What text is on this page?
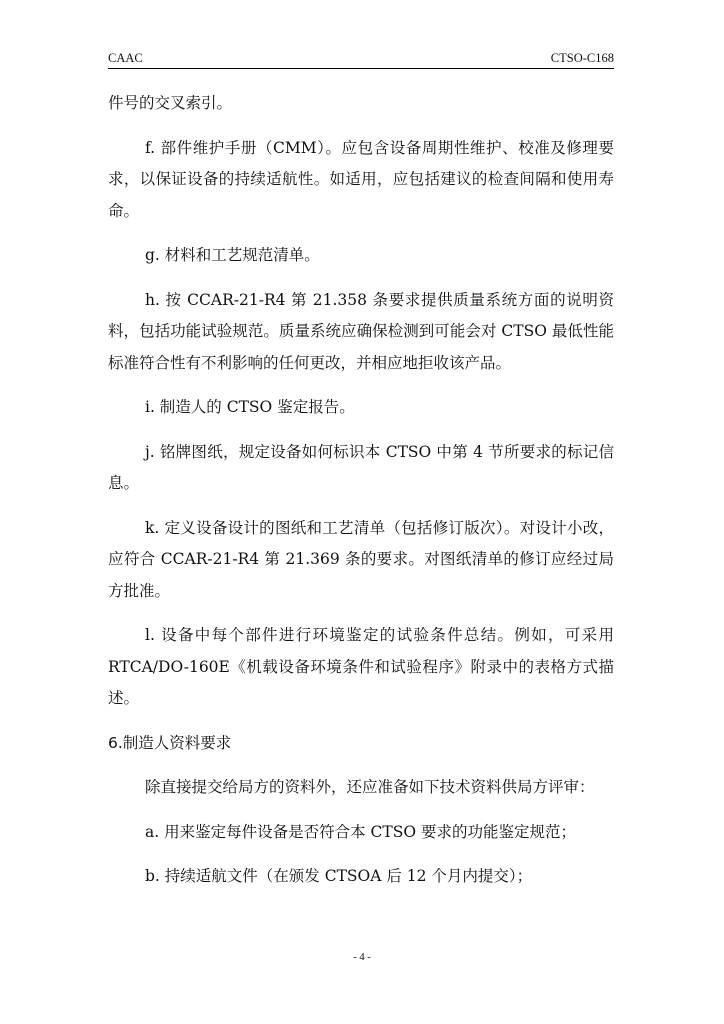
CAAC	CTSO-C168

件号的交叉索引。

f. 部件维护手册（CMM）。应包含设备周期性维护、校准及修理要求，以保证设备的持续适航性。如适用，应包括建议的检查间隔和使用寿命。

g. 材料和工艺规范清单。

h. 按 CCAR-21-R4 第 21.358 条要求提供质量系统方面的说明资料，包括功能试验规范。质量系统应确保检测到可能会对 CTSO 最低性能标准符合性有不利影响的任何更改，并相应地拒收该产品。

i. 制造人的 CTSO 鉴定报告。

j. 铭牌图纸，规定设备如何标识本 CTSO 中第 4 节所要求的标记信息。

k. 定义设备设计的图纸和工艺清单（包括修订版次）。对设计小改，应符合 CCAR-21-R4 第 21.369 条的要求。对图纸清单的修订应经过局方批准。

l. 设备中每个部件进行环境鉴定的试验条件总结。例如，可采用 RTCA/DO-160E《机载设备环境条件和试验程序》附录中的表格方式描述。

6.制造人资料要求

除直接提交给局方的资料外，还应准备如下技术资料供局方评审：

a. 用来鉴定每件设备是否符合本 CTSO 要求的功能鉴定规范；

b. 持续适航文件（在颁发 CTSOA 后 12 个月内提交）；

- 4 -
